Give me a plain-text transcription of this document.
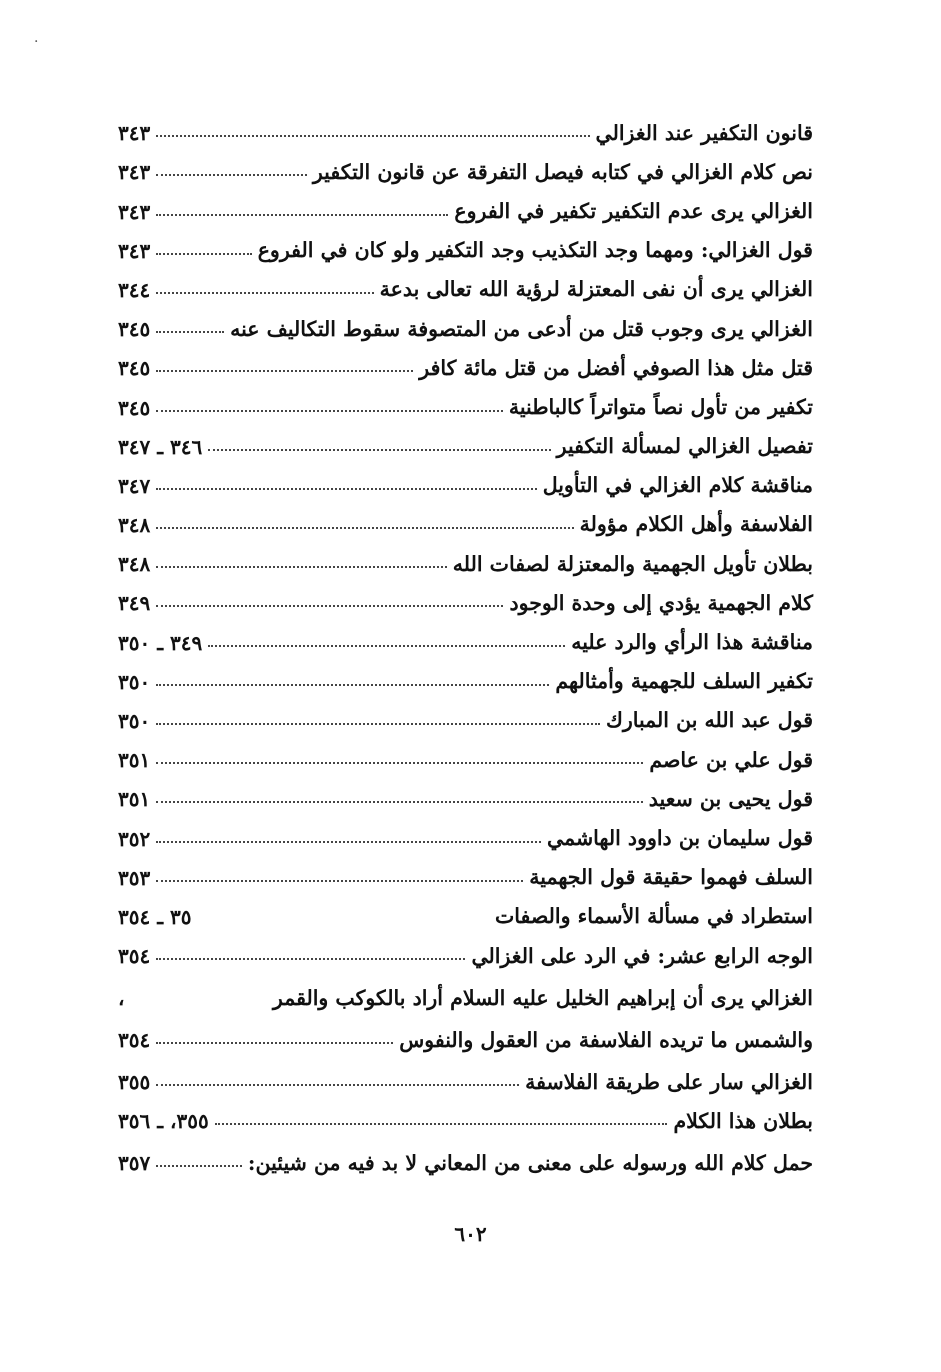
قانون التكفير عند الغزالي
٣٤٣
نص كلام الغزالي في كتابه فيصل التفرقة عن قانون التكفير
٣٤٣
الغزالي يرى عدم التكفير تكفير في الفروع
٣٤٣
قول الغزالي: ومهما وجد التكذيب وجد التكفير ولو كان في الفروع
٣٤٣
الغزالي يرى أن نفى المعتزلة لرؤية الله تعالى بدعة
٣٤٤
الغزالي يرى وجوب قتل من أدعى من المتصوفة سقوط التكاليف عنه
٣٤٥
قتل مثل هذا الصوفي أفضل من قتل مائة كافر
٣٤٥
تكفير من تأول نصاً متواتراً كالباطنية
٣٤٥
تفصيل الغزالي لمسألة التكفير
٣٤٦ ـ ٣٤٧
مناقشة كلام الغزالي في التأويل
٣٤٧
الفلاسفة وأهل الكلام مؤولة
٣٤٨
بطلان تأويل الجهمية والمعتزلة لصفات الله
٣٤٨
كلام الجهمية يؤدي إلى وحدة الوجود
٣٤٩
مناقشة هذا الرأي والرد عليه
٣٤٩ ـ ٣٥٠
تكفير السلف للجهمية وأمثالهم
٣٥٠
قول عبد الله بن المبارك
٣٥٠
قول علي بن عاصم
٣٥١
قول يحيى بن سعيد
٣٥١
قول سليمان بن داوود الهاشمي
٣٥٢
السلف فهموا حقيقة قول الجهمية
٣٥٣
استطراد في مسألة الأسماء والصفات
٣٥ ـ ٣٥٤
الوجه الرابع عشر: في الرد على الغزالي
٣٥٤
الغزالي يرى أن إبراهيم الخليل عليه السلام أراد بالكوكب والقمر
،
والشمس ما تريده الفلاسفة من العقول والنفوس
٣٥٤
الغزالي سار على طريقة الفلاسفة
٣٥٥
بطلان هذا الكلام
٣٥٥، ـ ٣٥٦
حمل كلام الله ورسوله على معنى من المعاني لا بد فيه من شيئين:
٣٥٧
٦٠٢
·
